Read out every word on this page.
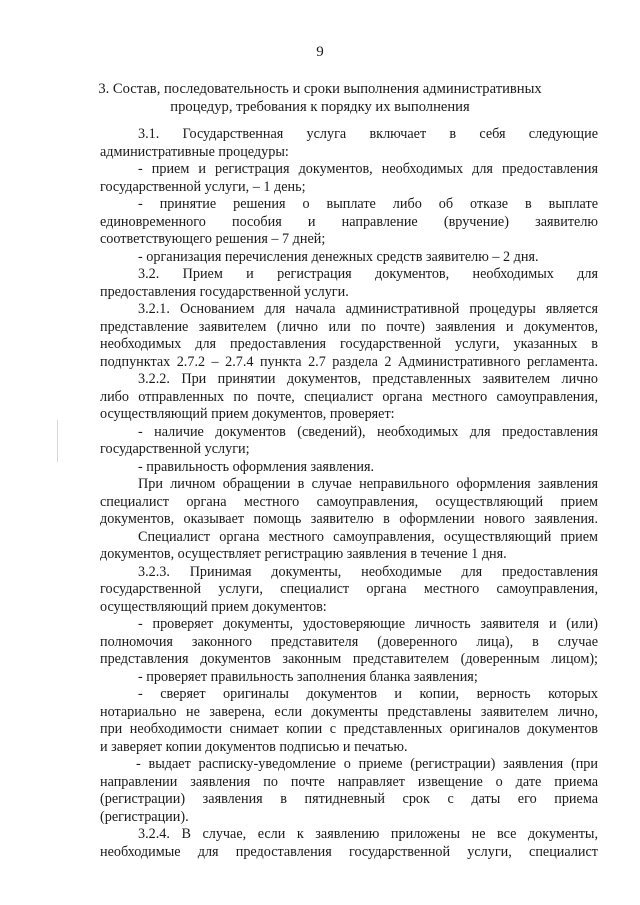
9
3. Состав, последовательность и сроки выполнения административных
процедур, требования к порядку их выполнения
3.1. Государственная услуга включает в себя следующие
административные процедуры:
- прием и регистрация документов, необходимых для предоставления
государственной услуги, – 1 день;
- принятие решения о выплате либо об отказе в выплате
единовременного пособия и направление (вручение) заявителю
соответствующего решения – 7 дней;
- организация перечисления денежных средств заявителю – 2 дня.
3.2. Прием и регистрация документов, необходимых для
предоставления государственной услуги.
3.2.1. Основанием для начала административной процедуры является
представление заявителем (лично или по почте) заявления и документов,
необходимых для предоставления государственной услуги, указанных в
подпунктах 2.7.2 – 2.7.4 пункта 2.7 раздела 2 Административного регламента.
3.2.2. При принятии документов, представленных заявителем лично
либо отправленных по почте, специалист органа местного самоуправления,
осуществляющий прием документов, проверяет:
- наличие документов (сведений), необходимых для предоставления
государственной услуги;
- правильность оформления заявления.
При личном обращении в случае неправильного оформления заявления
специалист органа местного самоуправления, осуществляющий прием
документов, оказывает помощь заявителю в оформлении нового заявления.
Специалист органа местного самоуправления, осуществляющий прием
документов, осуществляет регистрацию заявления в течение 1 дня.
3.2.3. Принимая документы, необходимые для предоставления
государственной услуги, специалист органа местного самоуправления,
осуществляющий прием документов:
- проверяет документы, удостоверяющие личность заявителя и (или)
полномочия законного представителя (доверенного лица), в случае
представления документов законным представителем (доверенным лицом);
- проверяет правильность заполнения бланка заявления;
- сверяет оригиналы документов и копии, верность которых
нотариально не заверена, если документы представлены заявителем лично,
при необходимости снимает копии с представленных оригиналов документов
и заверяет копии документов подписью и печатью.
- выдает расписку-уведомление о приеме (регистрации) заявления (при
направлении заявления по почте направляет извещение о дате приема
(регистрации) заявления в пятидневный срок с даты его приема
(регистрации).
3.2.4. В случае, если к заявлению приложены не все документы,
необходимые для предоставления государственной услуги, специалист
